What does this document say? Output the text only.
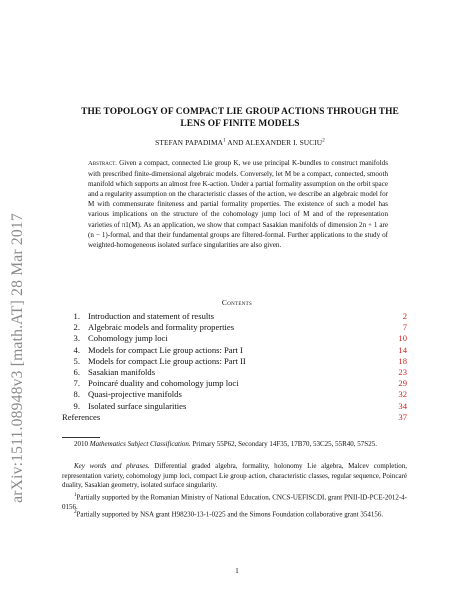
arXiv:1511.08948v3 [math.AT] 28 Mar 2017
THE TOPOLOGY OF COMPACT LIE GROUP ACTIONS THROUGH THE
LENS OF FINITE MODELS
STEFAN PAPADIMA$^1$ AND ALEXANDER I. SUCIU$^2$
Abstract. Given a compact, connected Lie group K, we use principal K-bundles to construct manifolds with prescribed finite-dimensional algebraic models. Conversely, let M be a compact, connected, smooth manifold which supports an almost free K-action. Under a partial formality assumption on the orbit space and a regularity assumption on the characteristic classes of the action, we describe an algebraic model for M with commensurate finiteness and partial formality properties. The existence of such a model has various implications on the structure of the cohomology jump loci of M and of the representation varieties of π1(M). As an application, we show that compact Sasakian manifolds of dimension 2n + 1 are (n − 1)-formal, and that their fundamental groups are filtered-formal. Further applications to the study of weighted-homogeneous isolated surface singularities are also given.
Contents
1. Introduction and statement of results	2
2. Algebraic models and formality properties	7
3. Cohomology jump loci	10
4. Models for compact Lie group actions: Part I	14
5. Models for compact Lie group actions: Part II	18
6. Sasakian manifolds	23
7. Poincaré duality and cohomology jump loci	29
8. Quasi-projective manifolds	32
9. Isolated surface singularities	34
References	37
2010 Mathematics Subject Classification. Primary 55P62, Secondary 14F35, 17B70, 53C25, 55R40, 57S25.
Key words and phrases. Differential graded algebra, formality, holonomy Lie algebra, Malcev completion, representation variety, cohomology jump loci, compact Lie group action, characteristic classes, regular sequence, Poincaré duality, Sasakian geometry, isolated surface singularity.
$^1$Partially supported by the Romanian Ministry of National Education, CNCS-UEFISCDI, grant PNII-ID-PCE-2012-4-0156.
$^2$Partially supported by NSA grant H98230-13-1-0225 and the Simons Foundation collaborative grant 354156.
1
